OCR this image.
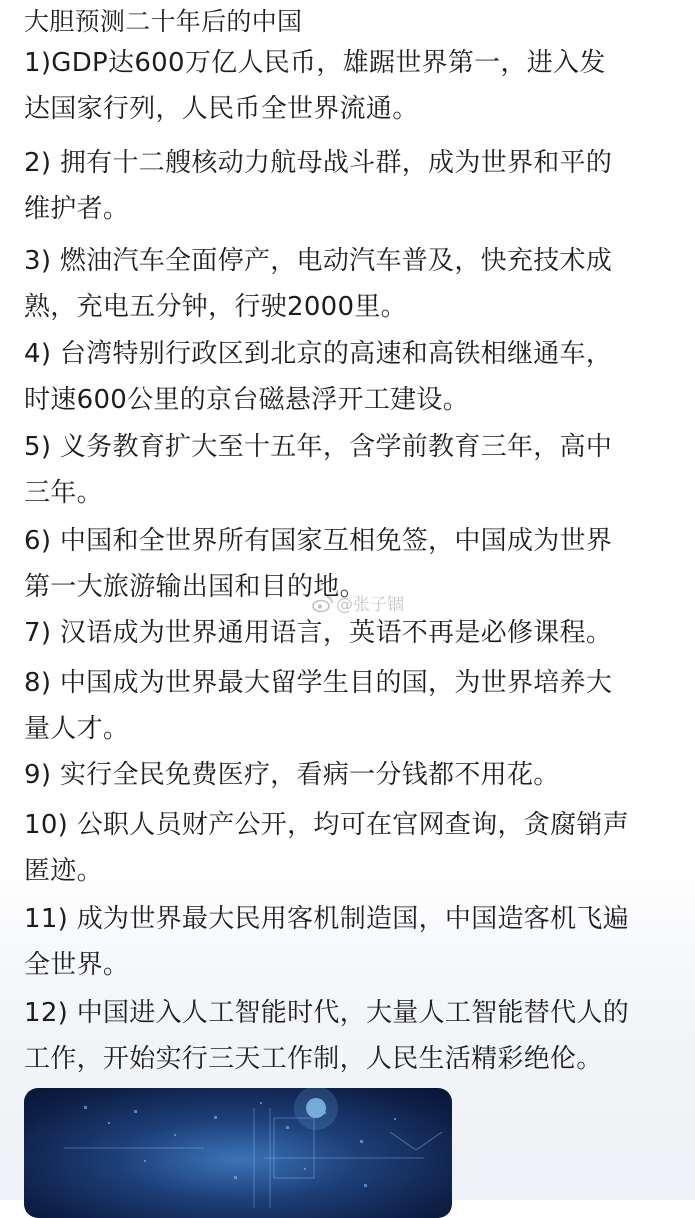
大胆预测二十年后的中国
1)GDP达600万亿人民币，雄踞世界第一，进入发
达国家行列，人民币全世界流通。
2) 拥有十二艘核动力航母战斗群，成为世界和平的
维护者。
3) 燃油汽车全面停产，电动汽车普及，快充技术成
熟，充电五分钟，行驶2000里。
4) 台湾特别行政区到北京的高速和高铁相继通车，
时速600公里的京台磁悬浮开工建设。
5) 义务教育扩大至十五年，含学前教育三年，高中
三年。
6) 中国和全世界所有国家互相免签，中国成为世界
第一大旅游输出国和目的地。
@张子锢
7) 汉语成为世界通用语言，英语不再是必修课程。
8) 中国成为世界最大留学生目的国，为世界培养大
量人才。
9) 实行全民免费医疗，看病一分钱都不用花。
10) 公职人员财产公开，均可在官网查询，贪腐销声
匿迹。
11) 成为世界最大民用客机制造国，中国造客机飞遍
全世界。
12) 中国进入人工智能时代，大量人工智能替代人的
工作，开始实行三天工作制，人民生活精彩绝伦。
